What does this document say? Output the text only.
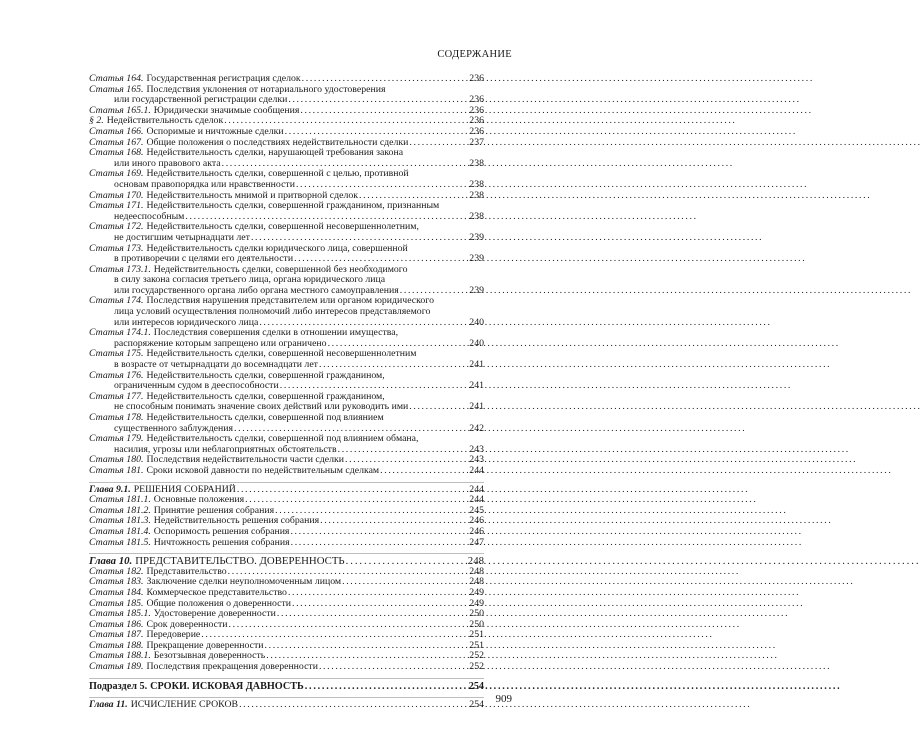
СОДЕРЖАНИЕ
Статья 164. Государственная регистрация сделок . . .	236
Статья 165. Последствия уклонения от нотариального удостоверения
или государственной регистрации сделки . . .	236
Статья 165.1. Юридически значимые сообщения . . .	236
§ 2. Недействительность сделок . . .	236
Статья 166. Оспоримые и ничтожные сделки . . .	236
Статья 167. Общие положения о последствиях недействительности сделки . . .	237
Статья 168. Недействительность сделки, нарушающей требования закона
или иного правового акта . . .	238
Статья 169. Недействительность сделки, совершенной с целью, противной
основам правопорядка или нравственности . . .	238
Статья 170. Недействительность мнимой и притворной сделок . . .	238
Статья 171. Недействительность сделки, совершенной гражданином, признанным
недееспособным . . .	238
Статья 172. Недействительность сделки, совершенной несовершеннолетним,
не достигшим четырнадцати лет . . .	239
Статья 173. Недействительность сделки юридического лица, совершенной
в противоречии с целями его деятельности . . .	239
Статья 173.1. Недействительность сделки, совершенной без необходимого
в силу закона согласия третьего лица, органа юридического лица
или государственного органа либо органа местного самоуправления . . .	239
Статья 174. Последствия нарушения представителем или органом юридического
лица условий осуществления полномочий либо интересов представляемого
или интересов юридического лица . . .	240
Статья 174.1. Последствия совершения сделки в отношении имущества,
распоряжение которым запрещено или ограничено . . .	240
Статья 175. Недействительность сделки, совершенной несовершеннолетним
в возрасте от четырнадцати до восемнадцати лет . . .	241
Статья 176. Недействительность сделки, совершенной гражданином,
ограниченным судом в дееспособности . . .	241
Статья 177. Недействительность сделки, совершенной гражданином,
не способным понимать значение своих действий или руководить ими . . .	241
Статья 178. Недействительность сделки, совершенной под влиянием
существенного заблуждения . . .	242
Статья 179. Недействительность сделки, совершенной под влиянием обмана,
насилия, угрозы или неблагоприятных обстоятельств . . .	243
Статья 180. Последствия недействительности части сделки . . .	243
Статья 181. Сроки исковой давности по недействительным сделкам . . .	244
Глава 9.1. РЕШЕНИЯ СОБРАНИЙ . . .	244
Статья 181.1. Основные положения . . .	244
Статья 181.2. Принятие решения собрания . . .	245
Статья 181.3. Недействительность решения собрания . . .	246
Статья 181.4. Оспоримость решения собрания . . .	246
Статья 181.5. Ничтожность решения собрания . . .	247
Глава 10. ПРЕДСТАВИТЕЛЬСТВО. ДОВЕРЕННОСТЬ . . .	248
Статья 182. Представительство . . .	248
Статья 183. Заключение сделки неуполномоченным лицом . . .	248
Статья 184. Коммерческое представительство . . .	249
Статья 185. Общие положения о доверенности . . .	249
Статья 185.1. Удостоверение доверенности . . .	250
Статья 186. Срок доверенности . . .	250
Статья 187. Передоверие . . .	251
Статья 188. Прекращение доверенности . . .	251
Статья 188.1. Безотзывная доверенность . . .	252
Статья 189. Последствия прекращения доверенности . . .	252
Подраздел 5. СРОКИ. ИСКОВАЯ ДАВНОСТЬ . . .	254
Глава 11. ИСЧИСЛЕНИЕ СРОКОВ . . .	254 909
